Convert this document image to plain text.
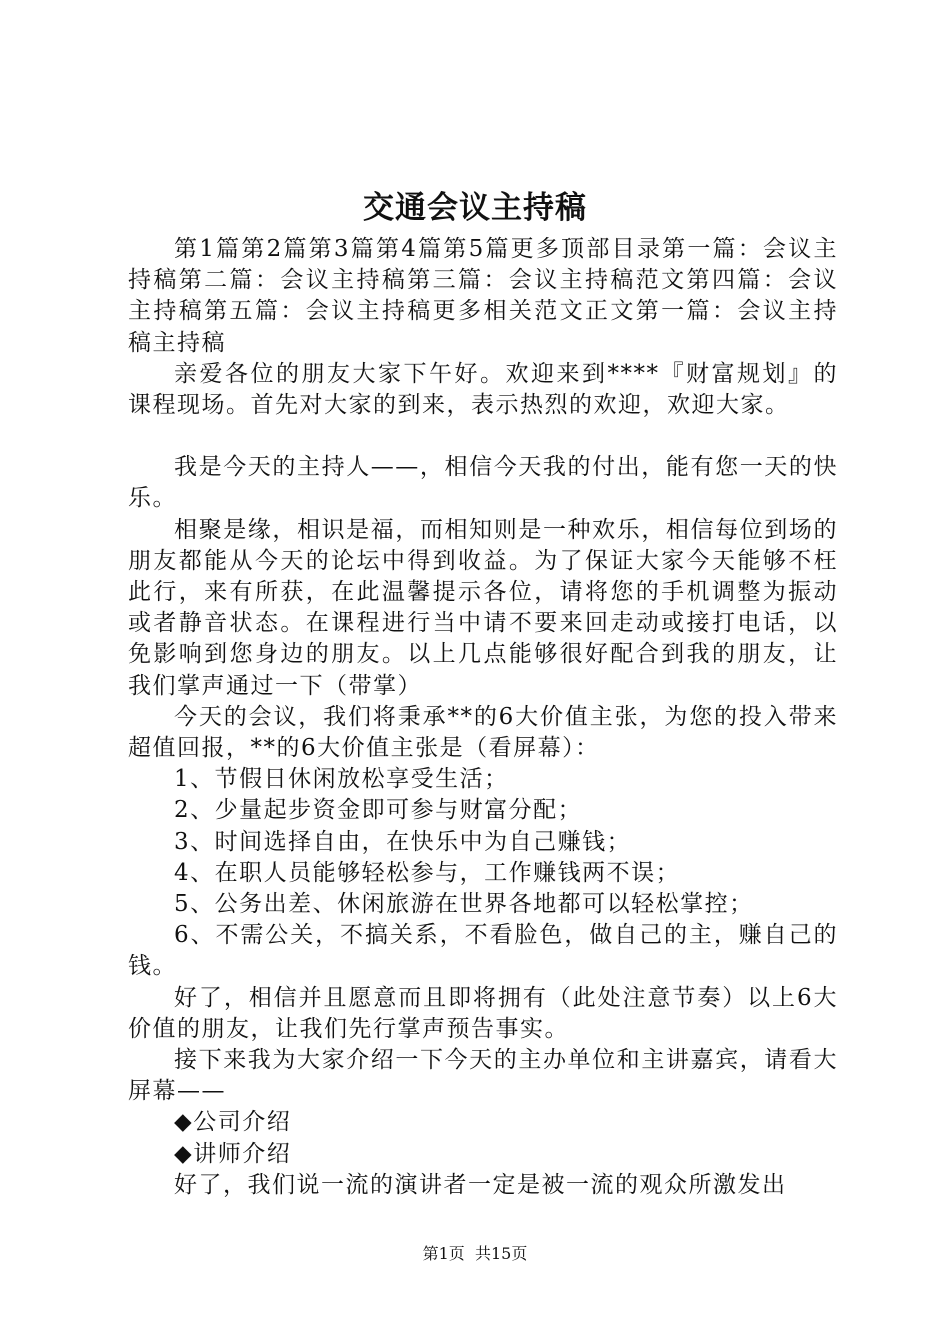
交通会议主持稿

第1篇第2篇第3篇第4篇第5篇更多顶部目录第一篇：会议主持稿第二篇：会议主持稿第三篇：会议主持稿范文第四篇：会议主持稿第五篇：会议主持稿更多相关范文正文第一篇：会议主持稿主持稿

亲爱各位的朋友大家下午好。欢迎来到****『财富规划』的课程现场。首先对大家的到来，表示热烈的欢迎，欢迎大家。

我是今天的主持人——，相信今天我的付出，能有您一天的快乐。

相聚是缘，相识是福，而相知则是一种欢乐，相信每位到场的朋友都能从今天的论坛中得到收益。为了保证大家今天能够不枉此行，来有所获，在此温馨提示各位，请将您的手机调整为振动或者静音状态。在课程进行当中请不要来回走动或接打电话，以免影响到您身边的朋友。以上几点能够很好配合到我的朋友，让我们掌声通过一下（带掌）

今天的会议，我们将秉承**的6大价值主张，为您的投入带来超值回报，**的6大价值主张是（看屏幕）：

1、节假日休闲放松享受生活；

2、少量起步资金即可参与财富分配；

3、时间选择自由，在快乐中为自己赚钱；

4、在职人员能够轻松参与，工作赚钱两不误；

5、公务出差、休闲旅游在世界各地都可以轻松掌控；

6、不需公关，不搞关系，不看脸色，做自己的主，赚自己的钱。

好了，相信并且愿意而且即将拥有（此处注意节奏）以上6大价值的朋友，让我们先行掌声预告事实。

接下来我为大家介绍一下今天的主办单位和主讲嘉宾，请看大屏幕——

◆公司介绍

◆讲师介绍

好了，我们说一流的演讲者一定是被一流的观众所激发出

第1页 共15页
